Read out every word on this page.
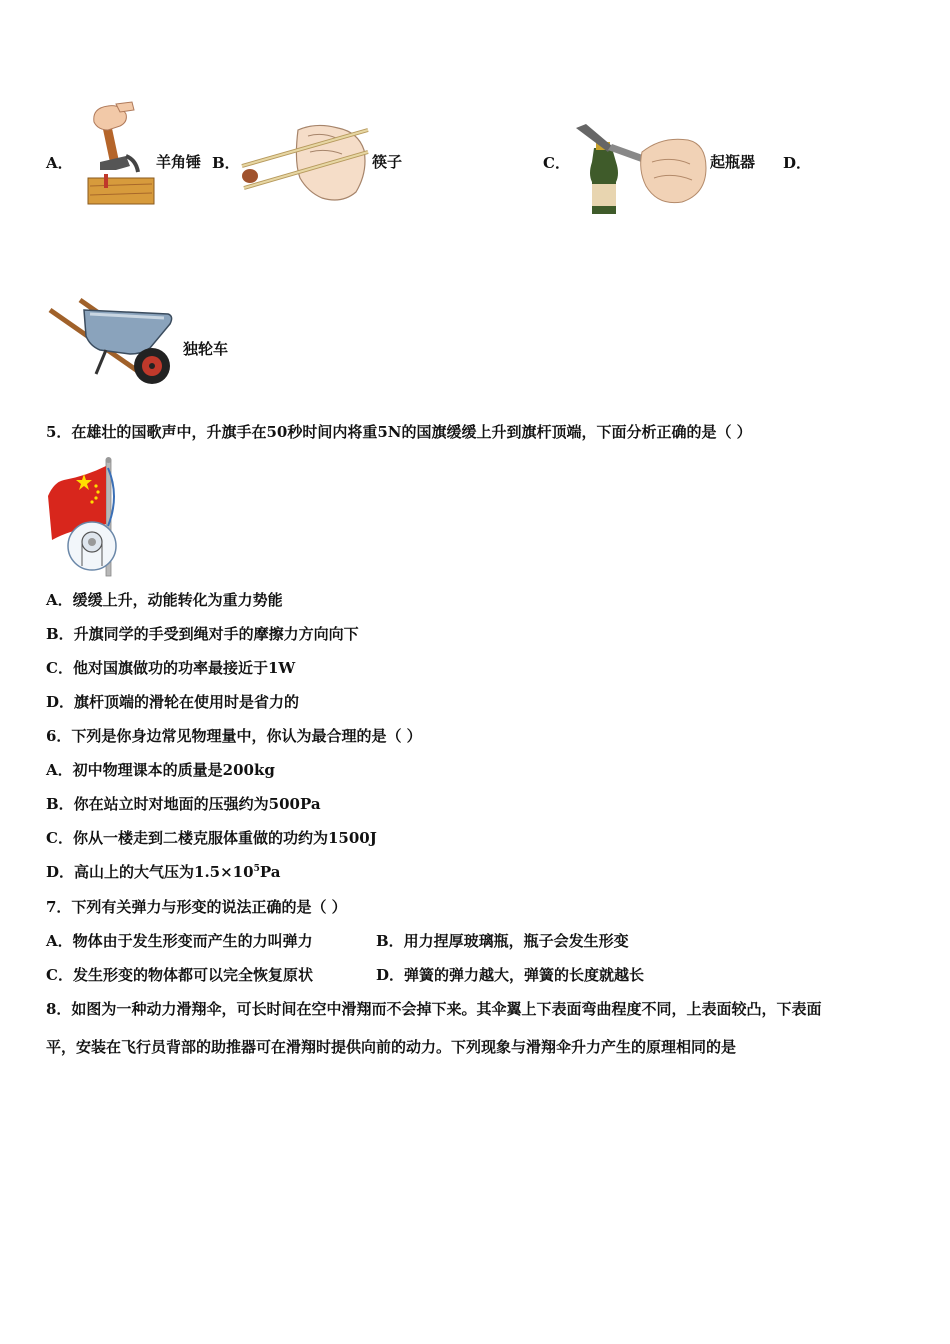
A．	羊角锤 B．	筷子	C．	起瓶器 D．
独轮车
5．在雄壮的国歌声中，升旗手在50秒时间内将重5N的国旗缓缓上升到旗杆顶端，下面分析正确的是（ ）
A．缓缓上升，动能转化为重力势能
B．升旗同学的手受到绳对手的摩擦力方向向下
C．他对国旗做功的功率最接近于1W
D．旗杆顶端的滑轮在使用时是省力的
6．下列是你身边常见物理量中，你认为最合理的是（ ）
A．初中物理课本的质量是200kg
B．你在站立时对地面的压强约为500Pa
C．你从一楼走到二楼克服体重做的功约为1500J
D．高山上的大气压为$1.5\times 10^5Pa$
7．下列有关弹力与形变的说法正确的是（ ）
A．物体由于发生形变而产生的力叫弹力	B．用力捏厚玻璃瓶，瓶子会发生形变
C．发生形变的物体都可以完全恢复原状	D．弹簧的弹力越大，弹簧的长度就越长
8．如图为一种动力滑翔伞，可长时间在空中滑翔而不会掉下来。其伞翼上下表面弯曲程度不同，上表面较凸，下表面
平，安装在飞行员背部的助推器可在滑翔时提供向前的动力。下列现象与滑翔伞升力产生的原理相同的是
